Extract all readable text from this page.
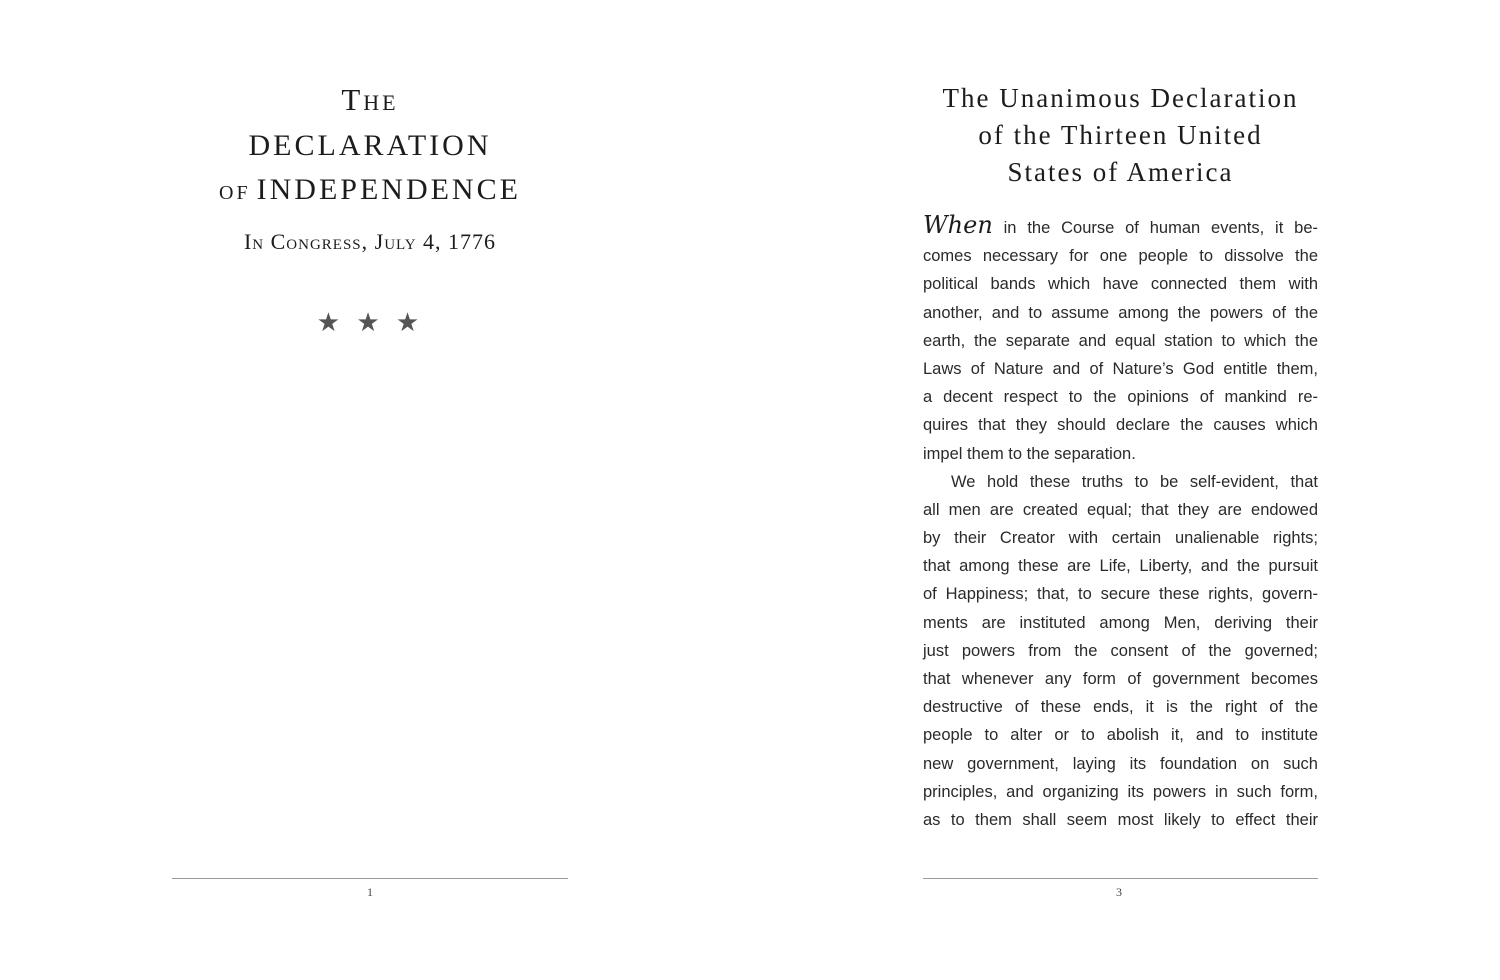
The
DECLARATION
OF INDEPENDENCE
In Congress, July 4, 1776
★ ★ ★
1
The Unanimous Declaration
of the Thirteen United
States of America
When in the Course of human events, it be-
comes necessary for one people to dissolve the
political bands which have connected them with
another, and to assume among the powers of the
earth, the separate and equal station to which the
Laws of Nature and of Nature’s God entitle them,
a decent respect to the opinions of mankind re-
quires that they should declare the causes which
impel them to the separation.
We hold these truths to be self-evident, that
all men are created equal; that they are endowed
by their Creator with certain unalienable rights;
that among these are Life, Liberty, and the pursuit
of Happiness; that, to secure these rights, govern-
ments are instituted among Men, deriving their
just powers from the consent of the governed;
that whenever any form of government becomes
destructive of these ends, it is the right of the
people to alter or to abolish it, and to institute
new government, laying its foundation on such
principles, and organizing its powers in such form,
as to them shall seem most likely to effect their
3
